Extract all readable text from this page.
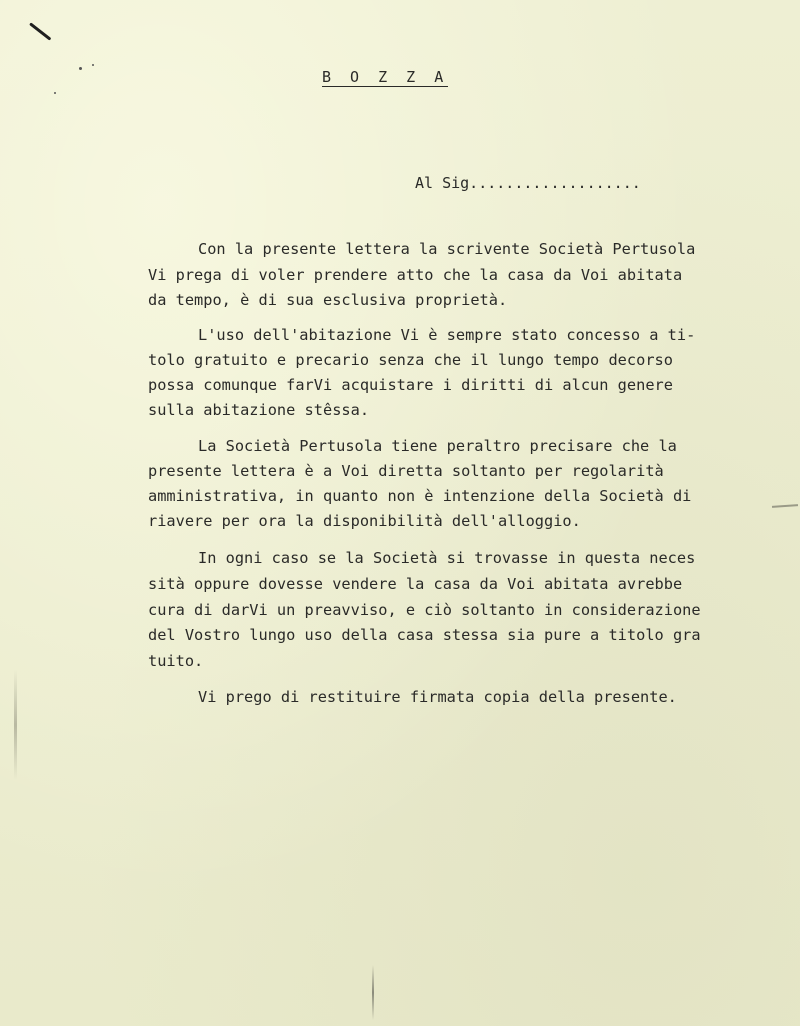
B O Z Z A
Al Sig...................
Con la presente lettera la scrivente Società Pertusola
Vi prega di voler prendere atto che la casa da Voi abitata
da tempo, è di sua esclusiva proprietà.
L'uso dell'abitazione Vi è sempre stato concesso a ti-
tolo gratuito e precario senza che il lungo tempo decorso
possa comunque farVi acquistare i diritti di alcun genere
sulla abitazione stêssa.
La Società Pertusola tiene peraltro precisare che la
presente lettera è a Voi diretta soltanto per regolarità
amministrativa, in quanto non è intenzione della Società di
riavere per ora la disponibilità dell'alloggio.
In ogni caso se la Società si trovasse in questa neces
sità oppure dovesse vendere la casa da Voi abitata avrebbe
cura di darVi un preavviso, e ciò soltanto in considerazione
del Vostro lungo uso della casa stessa sia pure a titolo gra
tuito.
Vi prego di restituire firmata copia della presente.
